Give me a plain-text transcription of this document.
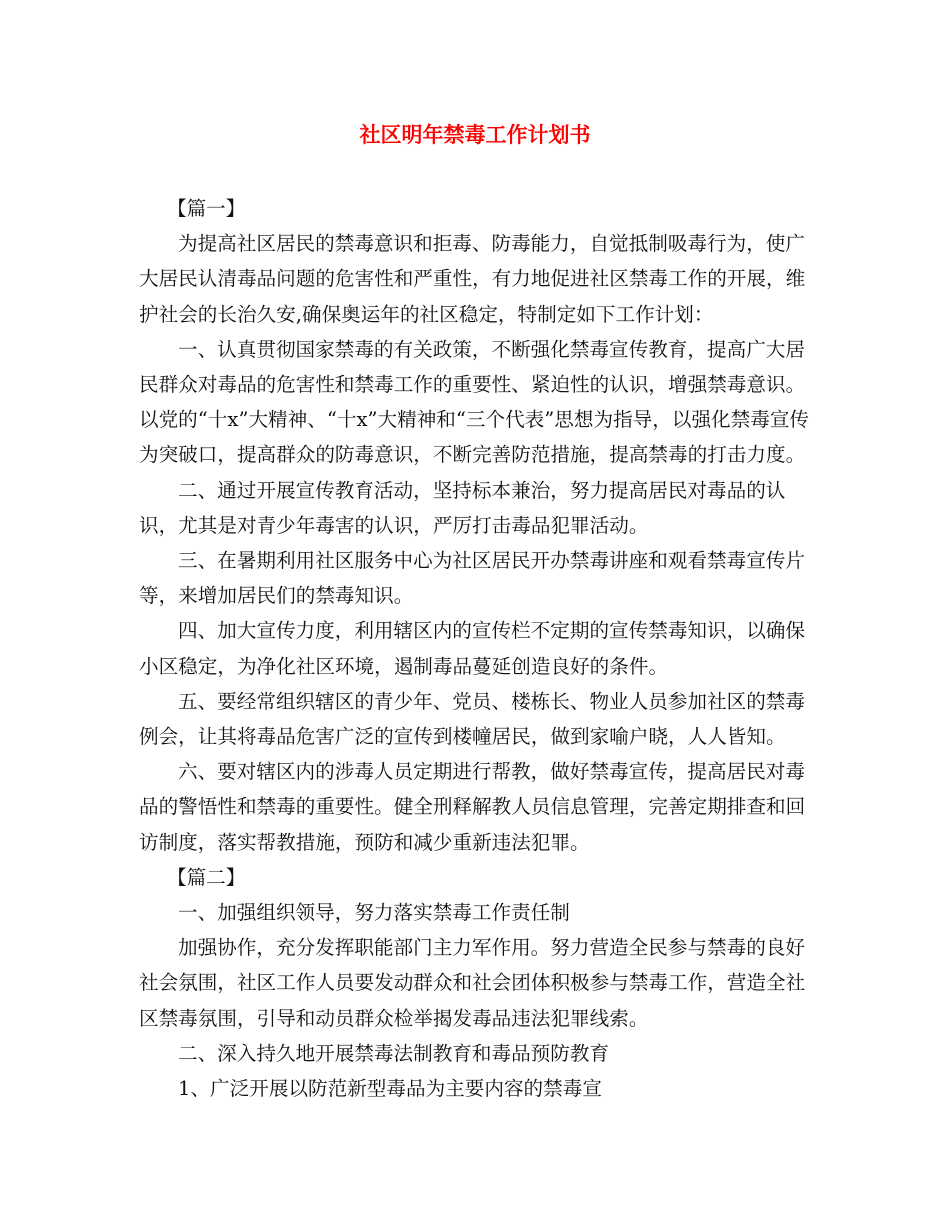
社区明年禁毒工作计划书

【篇一】

为提高社区居民的禁毒意识和拒毒、防毒能力，自觉抵制吸毒行为，使广大居民认清毒品问题的危害性和严重性，有力地促进社区禁毒工作的开展，维护社会的长治久安,确保奥运年的社区稳定，特制定如下工作计划：

一、认真贯彻国家禁毒的有关政策，不断强化禁毒宣传教育，提高广大居民群众对毒品的危害性和禁毒工作的重要性、紧迫性的认识，增强禁毒意识。以党的“十x”大精神、“十x”大精神和“三个代表”思想为指导，以强化禁毒宣传为突破口，提高群众的防毒意识，不断完善防范措施，提高禁毒的打击力度。

二、通过开展宣传教育活动，坚持标本兼治，努力提高居民对毒品的认识，尤其是对青少年毒害的认识，严厉打击毒品犯罪活动。

三、在暑期利用社区服务中心为社区居民开办禁毒讲座和观看禁毒宣传片等，来增加居民们的禁毒知识。

四、加大宣传力度，利用辖区内的宣传栏不定期的宣传禁毒知识，以确保小区稳定，为净化社区环境，遏制毒品蔓延创造良好的条件。

五、要经常组织辖区的青少年、党员、楼栋长、物业人员参加社区的禁毒例会，让其将毒品危害广泛的宣传到楼幢居民，做到家喻户晓，人人皆知。

六、要对辖区内的涉毒人员定期进行帮教，做好禁毒宣传，提高居民对毒品的警悟性和禁毒的重要性。健全刑释解教人员信息管理，完善定期排查和回访制度，落实帮教措施，预防和减少重新违法犯罪。

【篇二】

一、加强组织领导，努力落实禁毒工作责任制

加强协作，充分发挥职能部门主力军作用。努力营造全民参与禁毒的良好社会氛围，社区工作人员要发动群众和社会团体积极参与禁毒工作，营造全社区禁毒氛围，引导和动员群众检举揭发毒品违法犯罪线索。

二、深入持久地开展禁毒法制教育和毒品预防教育

1、广泛开展以防范新型毒品为主要内容的禁毒宣
